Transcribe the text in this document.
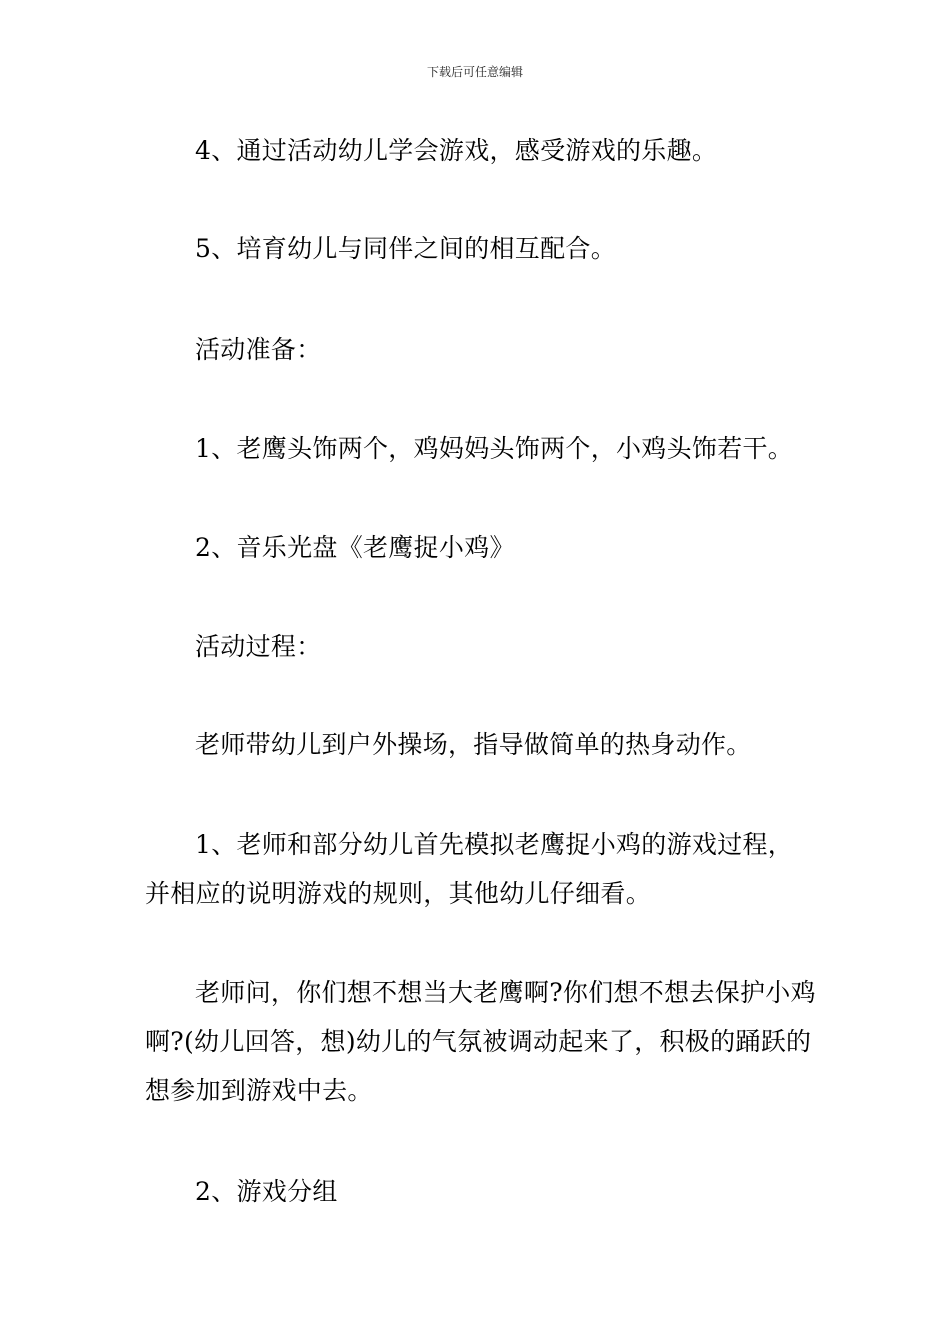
下载后可任意编辑

4、通过活动幼儿学会游戏，感受游戏的乐趣。

5、培育幼儿与同伴之间的相互配合。

活动准备：

1、老鹰头饰两个，鸡妈妈头饰两个，小鸡头饰若干。

2、音乐光盘《老鹰捉小鸡》

活动过程：

老师带幼儿到户外操场，指导做简单的热身动作。

1、老师和部分幼儿首先模拟老鹰捉小鸡的游戏过程，并相应的说明游戏的规则，其他幼儿仔细看。

老师问，你们想不想当大老鹰啊?你们想不想去保护小鸡啊?(幼儿回答，想)幼儿的气氛被调动起来了，积极的踊跃的想参加到游戏中去。

2、游戏分组
